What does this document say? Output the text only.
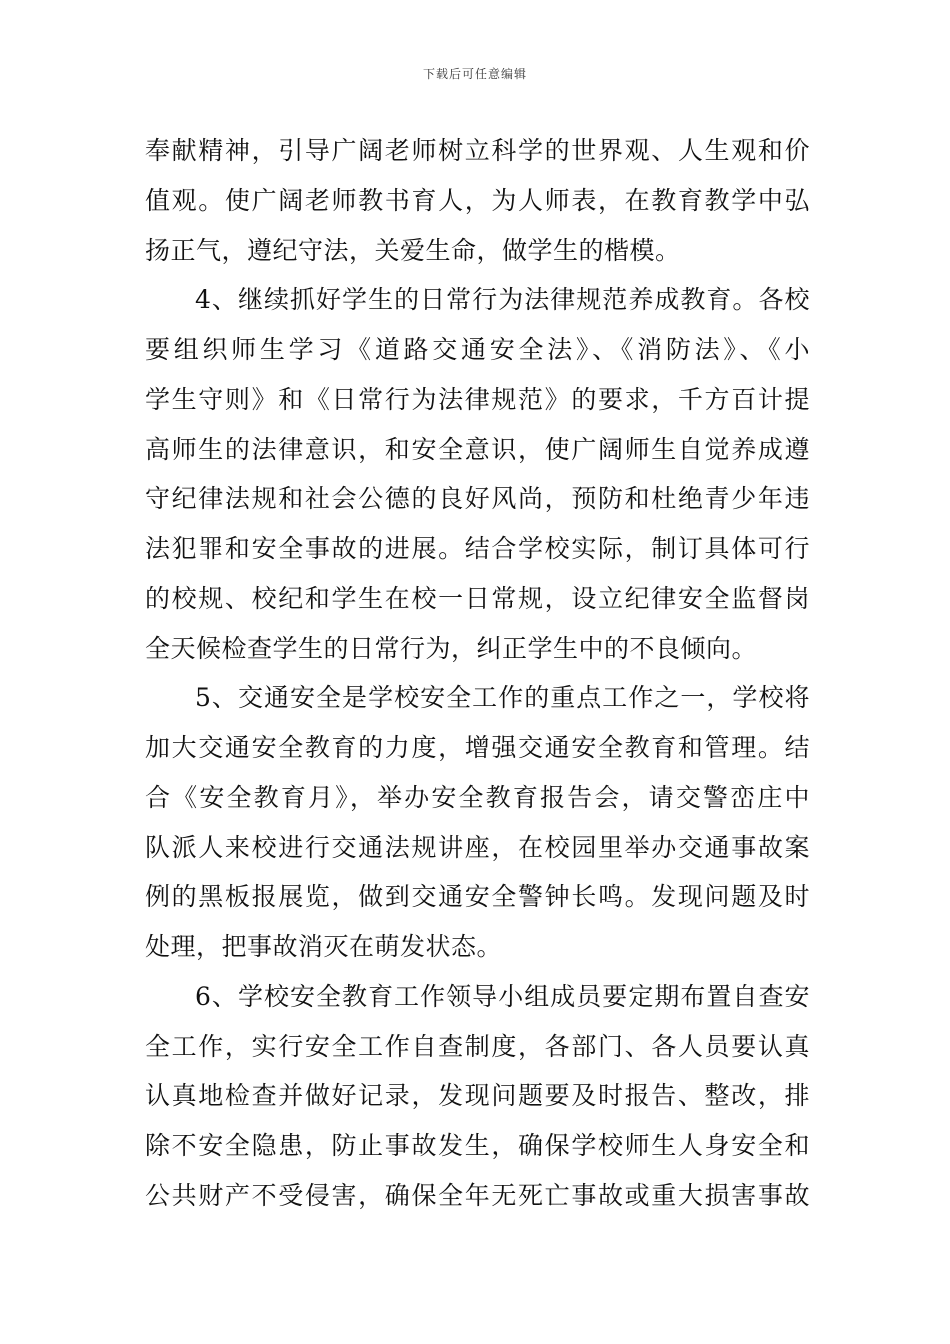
下载后可任意编辑
奉献精神，引导广阔老师树立科学的世界观、人生观和价
值观。使广阔老师教书育人，为人师表，在教育教学中弘
扬正气，遵纪守法，关爱生命，做学生的楷模。
4、继续抓好学生的日常行为法律规范养成教育。各校
要组织师生学习《道路交通安全法》、《消防法》、《小
学生守则》和《日常行为法律规范》的要求，千方百计提
高师生的法律意识，和安全意识，使广阔师生自觉养成遵
守纪律法规和社会公德的良好风尚，预防和杜绝青少年违
法犯罪和安全事故的进展。结合学校实际，制订具体可行
的校规、校纪和学生在校一日常规，设立纪律安全监督岗
全天候检查学生的日常行为，纠正学生中的不良倾向。
5、交通安全是学校安全工作的重点工作之一，学校将
加大交通安全教育的力度，增强交通安全教育和管理。结
合《安全教育月》，举办安全教育报告会，请交警峦庄中
队派人来校进行交通法规讲座，在校园里举办交通事故案
例的黑板报展览，做到交通安全警钟长鸣。发现问题及时
处理，把事故消灭在萌发状态。
6、学校安全教育工作领导小组成员要定期布置自查安
全工作，实行安全工作自查制度，各部门、各人员要认真
认真地检查并做好记录，发现问题要及时报告、整改，排
除不安全隐患，防止事故发生，确保学校师生人身安全和
公共财产不受侵害，确保全年无死亡事故或重大损害事故
